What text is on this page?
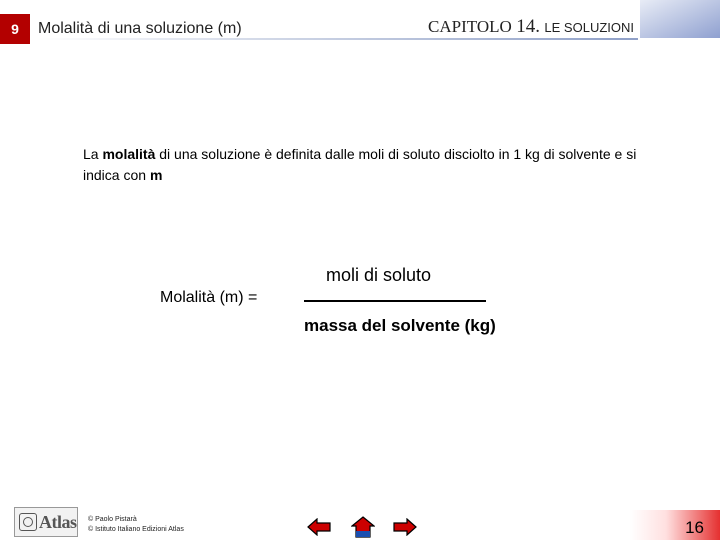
9	Molalità di una soluzione (m)	CAPITOLO 14. LE SOLUZIONI
La molalità di una soluzione è definita dalle moli di soluto disciolto in 1 kg di solvente e si indica con m
Molalità (m) =
moli di soluto
massa del solvente (kg)
Atlas © Paolo Pistarà
© Istituto Italiano Edizioni Atlas	16
